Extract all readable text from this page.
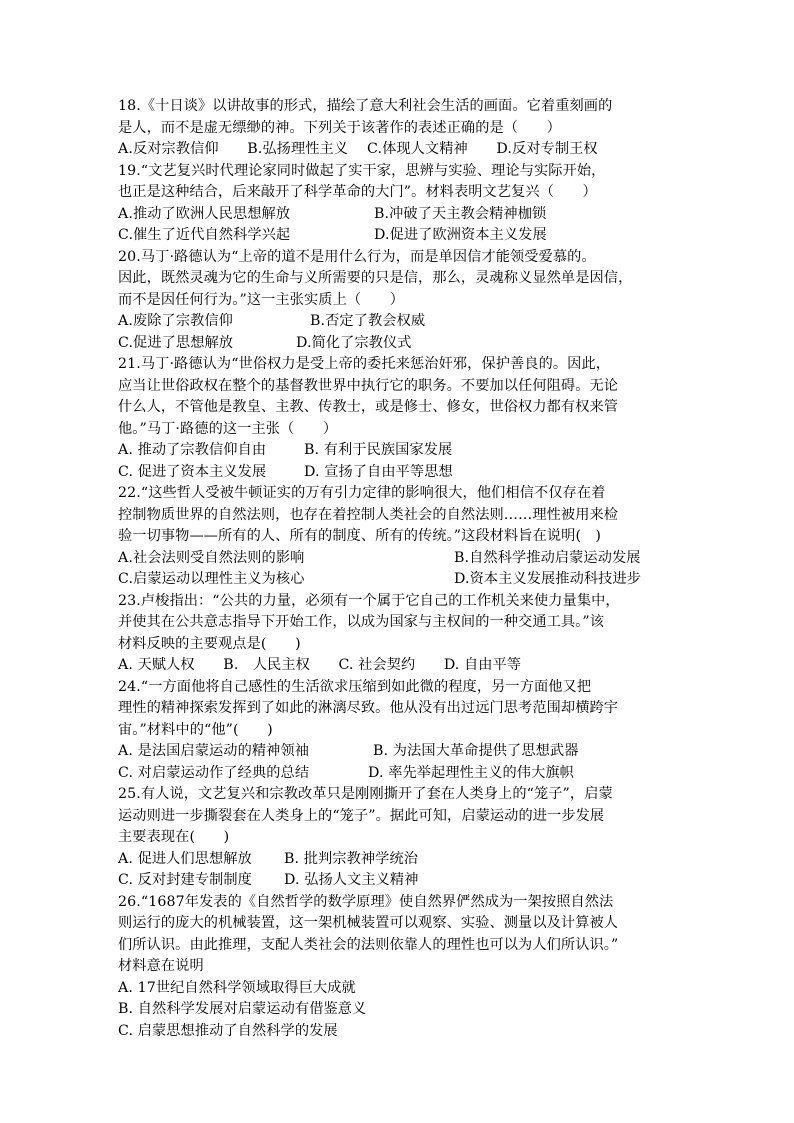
18.《十日谈》以讲故事的形式，描绘了意大利社会生活的画面。它着重刻画的
是人，而不是虚无缥缈的神。下列关于该著作的表述正确的是（　　）
A.反对宗教信仰　　B.弘扬理性主义　 C.体现人文精神　　D.反对专制王权
19.“文艺复兴时代理论家同时做起了实干家，思辨与实验、理论与实际开始，
也正是这种结合，后来敲开了科学革命的大门”。材料表明文艺复兴（　　）
A.推动了欧洲人民思想解放	B.冲破了天主教会精神枷锁
C.催生了近代自然科学兴起	D.促进了欧洲资本主义发展
20.马丁·路德认为“上帝的道不是用什么行为，而是单因信才能领受爱慕的。
因此，既然灵魂为它的生命与义所需要的只是信，那么，灵魂称义显然单是因信，
而不是因任何行为。”这一主张实质上（　　）
A.废除了宗教信仰	B.否定了教会权威
C.促进了思想解放	D.简化了宗教仪式
21.马丁·路德认为“世俗权力是受上帝的委托来惩治奸邪，保护善良的。因此，
应当让世俗政权在整个的基督教世界中执行它的职务。不要加以任何阻碍。无论
什么人，不管他是教皇、主教、传教士，或是修士、修女，世俗权力都有权来管
他。”马丁·路德的这一主张（　　）
A. 推动了宗教信仰自由	B. 有利于民族国家发展
C. 促进了资本主义发展	D. 宣扬了自由平等思想
22.“这些哲人受被牛顿证实的万有引力定律的影响很大，他们相信不仅存在着
控制物质世界的自然法则，也存在着控制人类社会的自然法则……理性被用来检
验一切事物——所有的人、所有的制度、所有的传统。”这段材料旨在说明(　)
A.社会法则受自然法则的影响	B.自然科学推动启蒙运动发展
C.启蒙运动以理性主义为核心	D.资本主义发展推动科技进步
23.卢梭指出：“公共的力量，必须有一个属于它自己的工作机关来使力量集中，
并使其在公共意志指导下开始工作，以成为国家与主权间的一种交通工具。”该
材料反映的主要观点是(　　)
A. 天赋人权　　B.　人民主权　　C. 社会契约　　D. 自由平等
24.“一方面他将自己感性的生活欲求压缩到如此微的程度，另一方面他又把
理性的精神探索发挥到了如此的淋漓尽致。他从没有出过远门思考范围却横跨宇
宙。”材料中的“他”(　　)
A. 是法国启蒙运动的精神领袖	B. 为法国大革命提供了思想武器
C. 对启蒙运动作了经典的总结	D. 率先举起理性主义的伟大旗帜
25.有人说，文艺复兴和宗教改革只是刚刚撕开了套在人类身上的“笼子”，启蒙
运动则进一步撕裂套在人类身上的“笼子”。据此可知，启蒙运动的进一步发展
主要表现在(　　)
A. 促进人们思想解放	B. 批判宗教神学统治
C. 反对封建专制制度	D. 弘扬人文主义精神
26.“1687年发表的《自然哲学的数学原理》使自然界俨然成为一架按照自然法
则运行的庞大的机械装置，这一架机械装置可以观察、实验、测量以及计算被人
们所认识。由此推理，支配人类社会的法则依靠人的理性也可以为人们所认识。”
材料意在说明
A. 17世纪自然科学领域取得巨大成就
B. 自然科学发展对启蒙运动有借鉴意义
C. 启蒙思想推动了自然科学的发展
